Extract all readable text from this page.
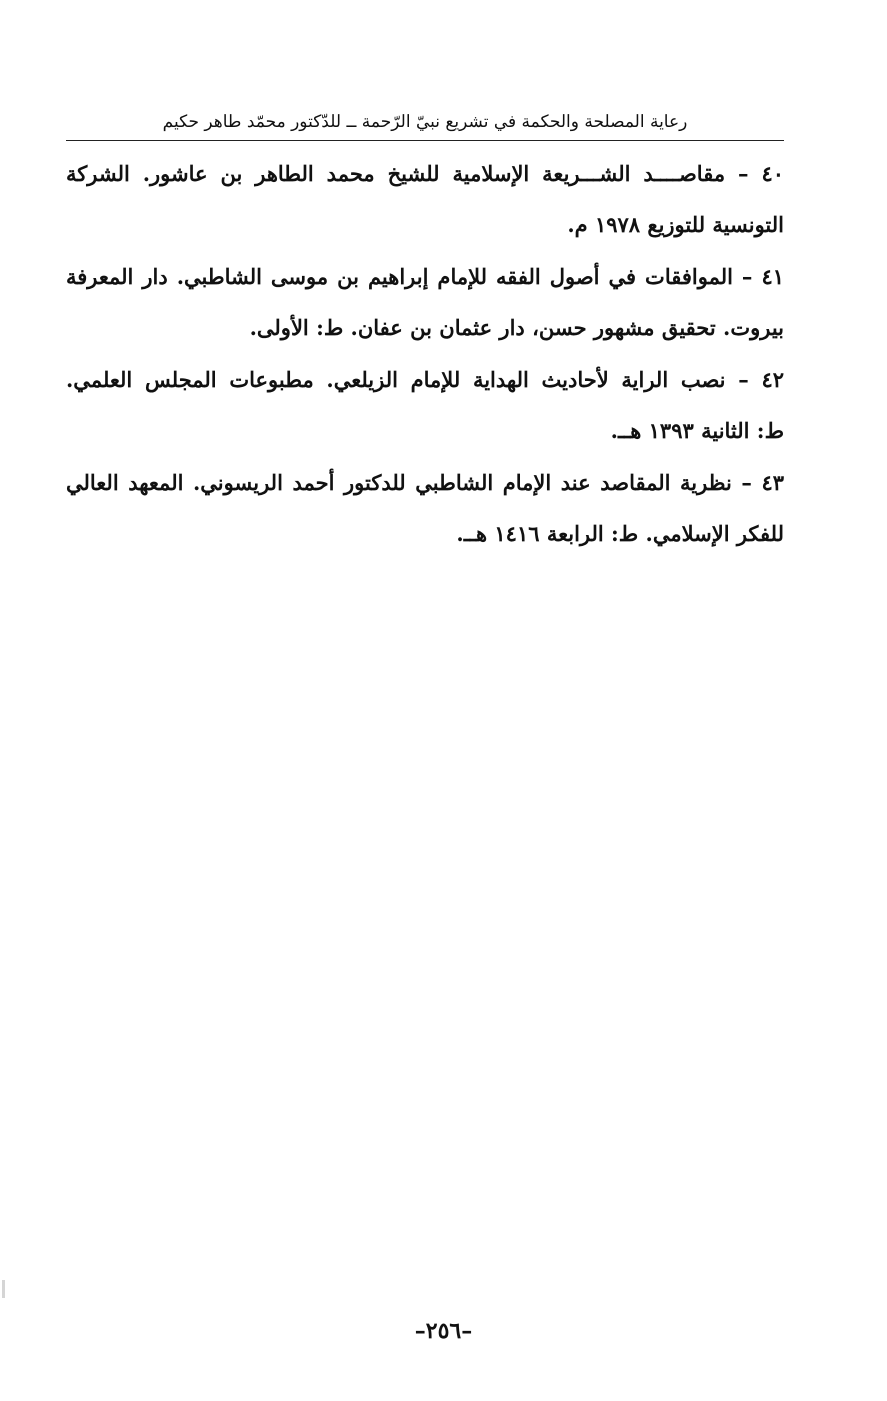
رعاية المصلحة والحكمة في تشريع نبيّ الرّحمة ــ للدّكتور محمّد طاهر حكيم
٤٠ – مقاصــــد الشـــريعة الإسلامية للشيخ محمد الطاهر بن عاشور. الشركة
التونسية للتوزيع ١٩٧٨ م.
٤١ – الموافقات في أصول الفقه للإمام إبراهيم بن موسى الشاطبي. دار المعرفة
بيروت. تحقيق مشهور حسن، دار عثمان بن عفان. ط: الأولى.
٤٢ – نصب الراية لأحاديث الهداية للإمام الزيلعي. مطبوعات المجلس العلمي.
ط: الثانية ١٣٩٣ هــ.
٤٣ – نظرية المقاصد عند الإمام الشاطبي للدكتور أحمد الريسوني. المعهد العالي
للفكر الإسلامي. ط: الرابعة ١٤١٦ هــ.
–٢٥٦–
